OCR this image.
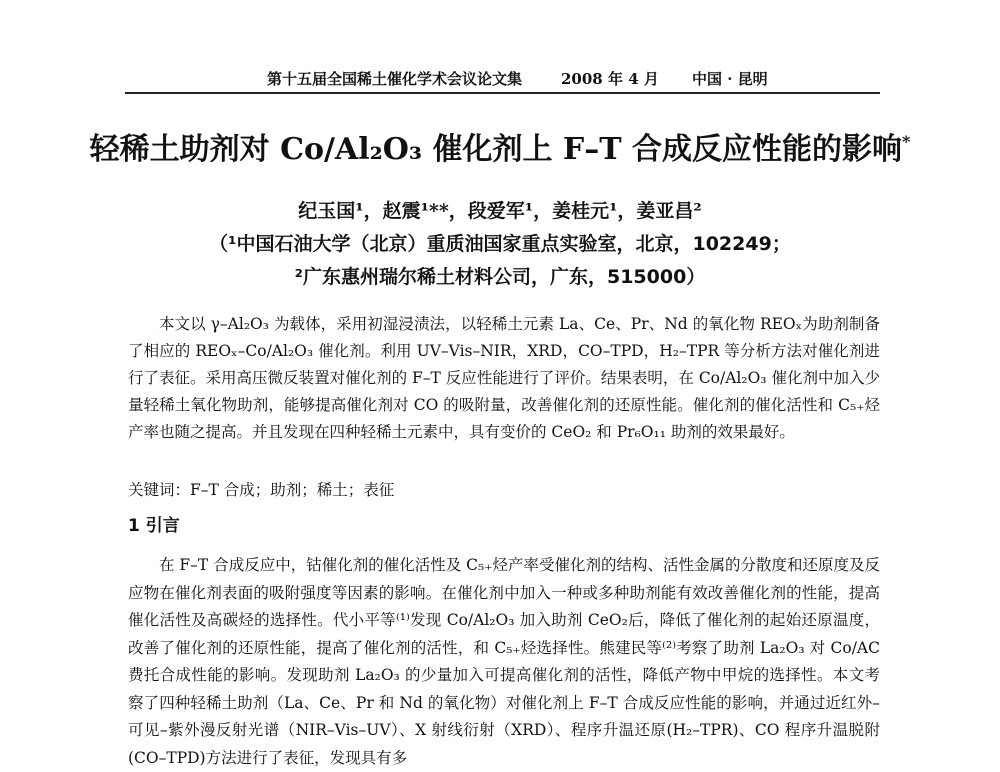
第十五届全国稀土催化学术会议论文集	2008 年 4 月 中国 · 昆明
轻稀土助剂对 Co/Al₂O₃ 催化剂上 F–T 合成反应性能的影响*
纪玉国¹，赵震¹**，段爱军¹，姜桂元¹，姜亚昌²
（¹中国石油大学（北京）重质油国家重点实验室，北京，102249；
²广东惠州瑞尔稀土材料公司，广东，515000）

本文以 γ–Al₂O₃ 为载体，采用初湿浸渍法，以轻稀土元素 La、Ce、Pr、Nd 的氧化物 REOₓ为助剂制备了相应的 REOₓ–Co/Al₂O₃ 催化剂。利用 UV–Vis–NIR，XRD，CO–TPD，H₂–TPR 等分析方法对催化剂进行了表征。采用高压微反装置对催化剂的 F–T 反应性能进行了评价。结果表明，在 Co/Al₂O₃ 催化剂中加入少量轻稀土氧化物助剂，能够提高催化剂对 CO 的吸附量，改善催化剂的还原性能。催化剂的催化活性和 C₅₊烃产率也随之提高。并且发现在四种轻稀土元素中，具有变价的 CeO₂ 和 Pr₆O₁₁ 助剂的效果最好。

关键词：F–T 合成；助剂；稀土；表征
1 引言

在 F–T 合成反应中，钴催化剂的催化活性及 C₅₊烃产率受催化剂的结构、活性金属的分散度和还原度及反应物在催化剂表面的吸附强度等因素的影响。在催化剂中加入一种或多种助剂能有效改善催化剂的性能，提高催化活性及高碳烃的选择性。代小平等⁽¹⁾发现 Co/Al₂O₃ 加入助剂 CeO₂后，降低了催化剂的起始还原温度，改善了催化剂的还原性能，提高了催化剂的活性，和 C₅₊烃选择性。熊建民等⁽²⁾考察了助剂 La₂O₃ 对 Co/AC 费托合成性能的影响。发现助剂 La₂O₃ 的少量加入可提高催化剂的活性，降低产物中甲烷的选择性。本文考察了四种轻稀土助剂（La、Ce、Pr 和 Nd 的氧化物）对催化剂上 F–T 合成反应性能的影响，并通过近红外–可见–紫外漫反射光谱（NIR–Vis–UV）、X 射线衍射（XRD）、程序升温还原(H₂–TPR)、CO 程序升温脱附(CO–TPD)方法进行了表征，发现具有多
